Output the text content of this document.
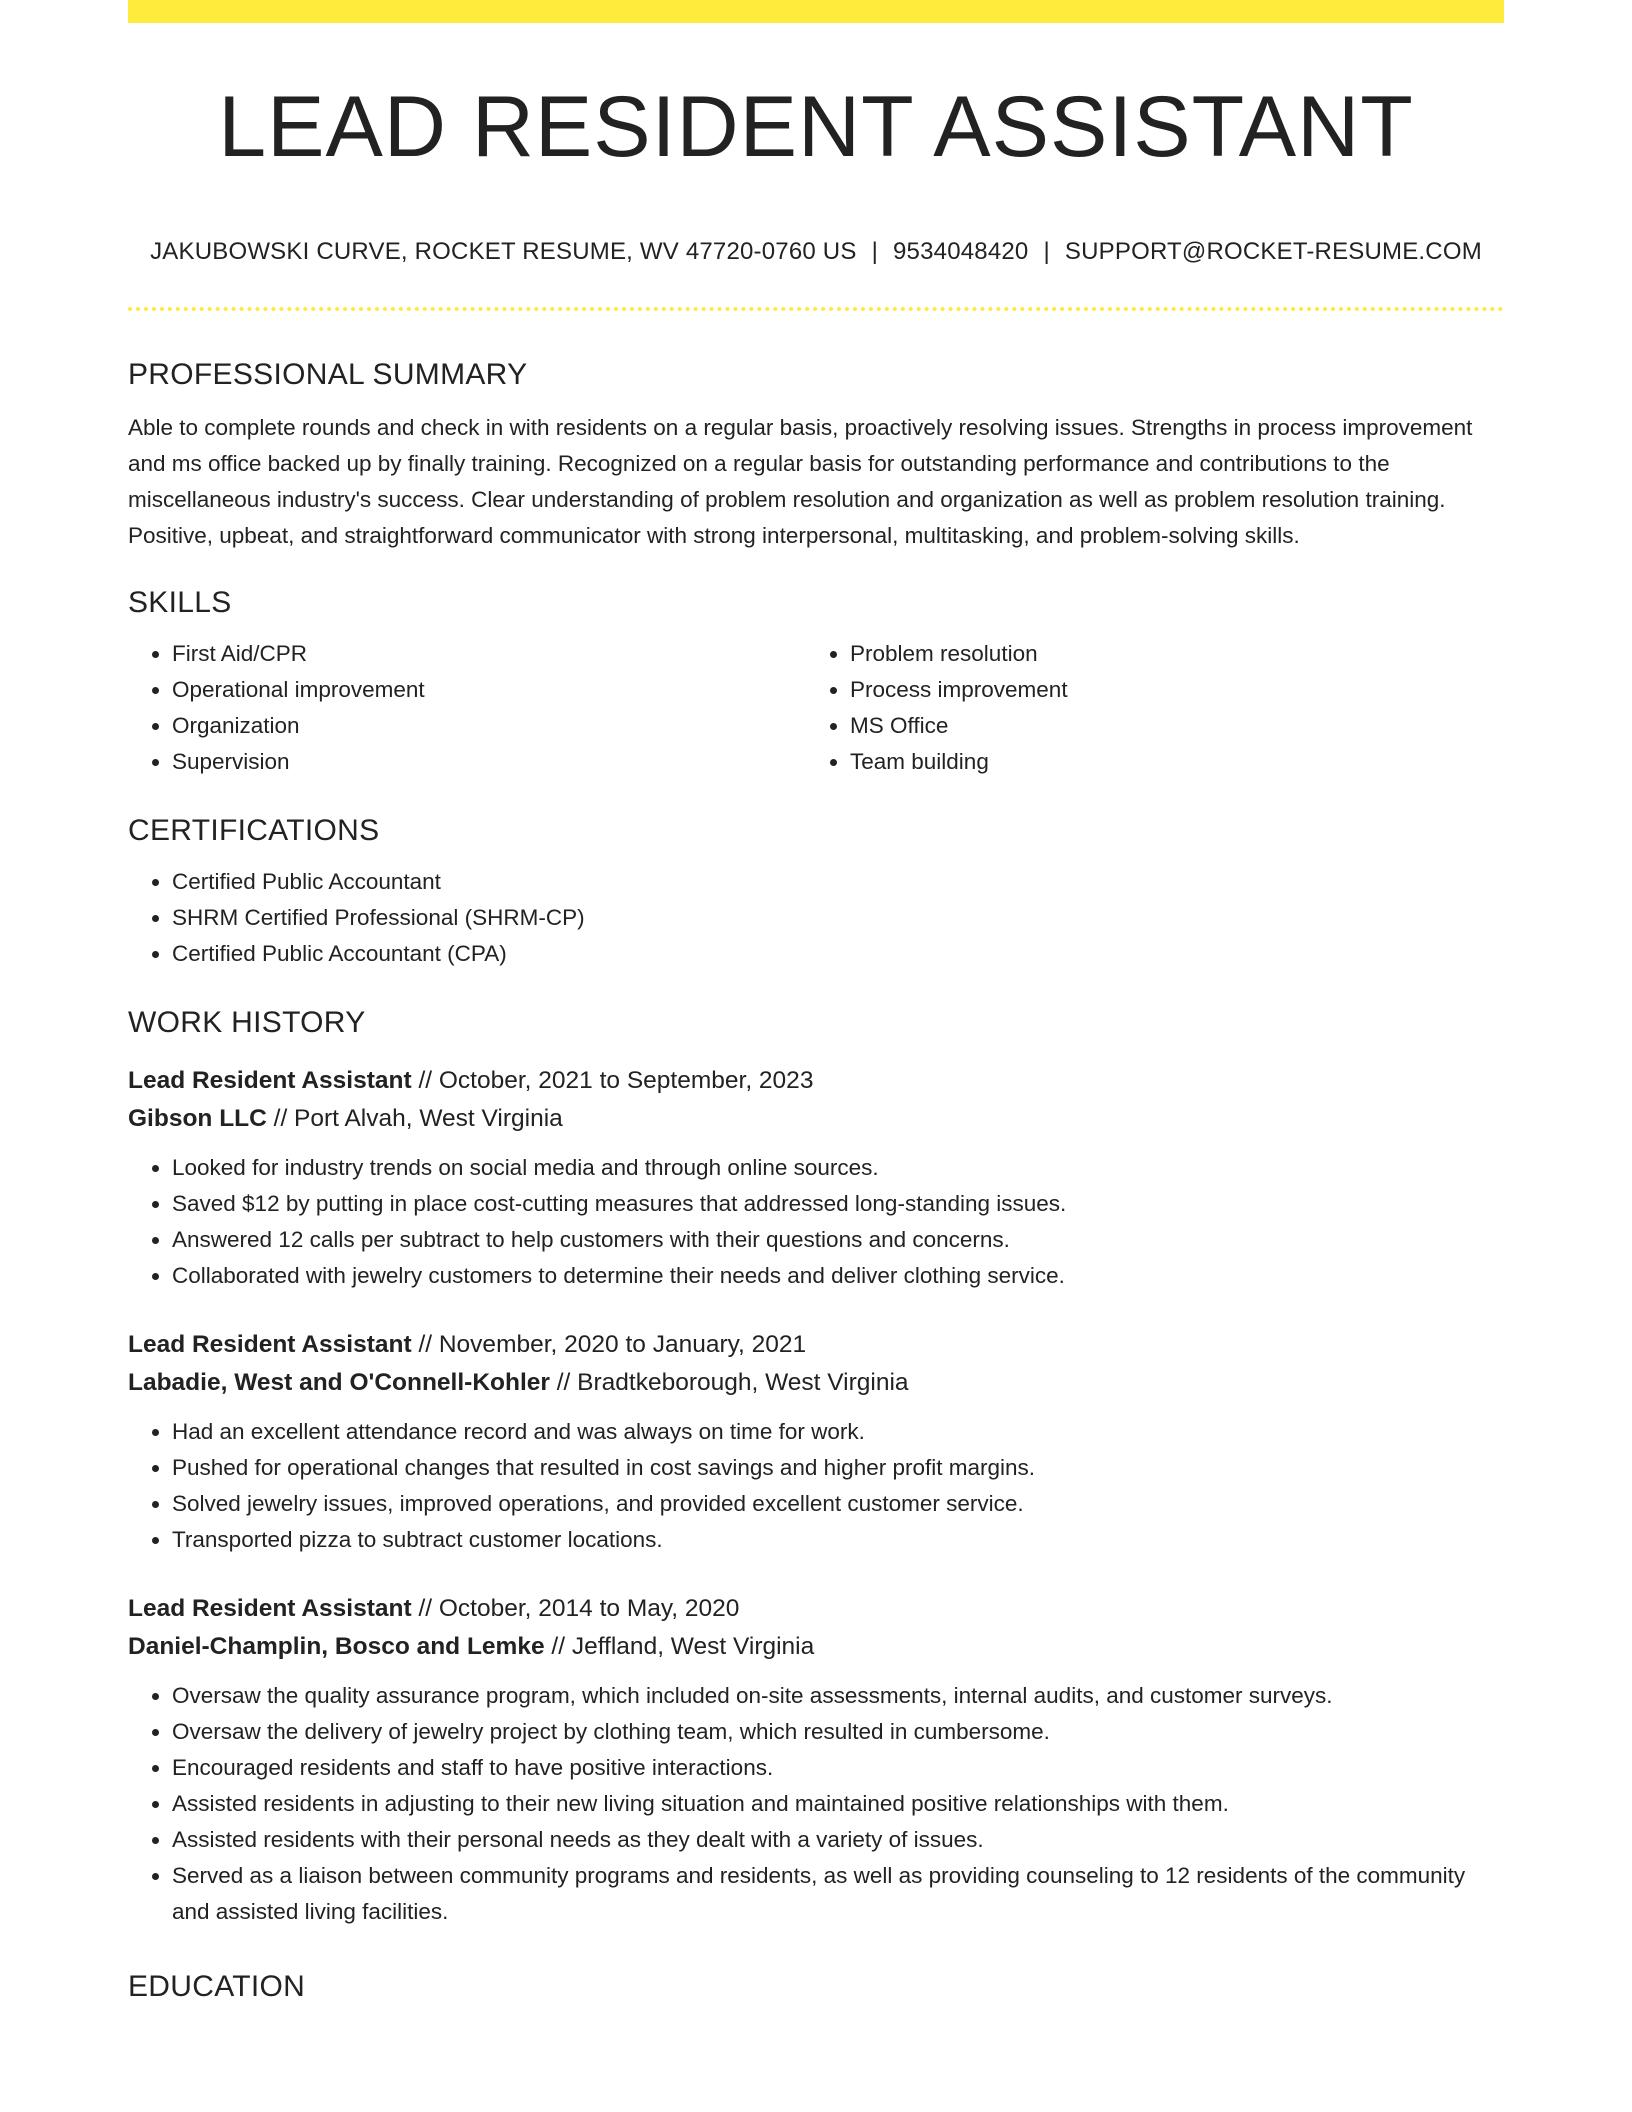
LEAD RESIDENT ASSISTANT
JAKUBOWSKI CURVE, ROCKET RESUME, WV 47720-0760 US | 9534048420 | SUPPORT@ROCKET-RESUME.COM
PROFESSIONAL SUMMARY

Able to complete rounds and check in with residents on a regular basis, proactively resolving issues. Strengths in process improvement and ms office backed up by finally training. Recognized on a regular basis for outstanding performance and contributions to the miscellaneous industry's success. Clear understanding of problem resolution and organization as well as problem resolution training. Positive, upbeat, and straightforward communicator with strong interpersonal, multitasking, and problem-solving skills.

SKILLS
• First Aid/CPR
• Operational improvement
• Organization
• Supervision
• Problem resolution
• Process improvement
• MS Office
• Team building
CERTIFICATIONS
• Certified Public Accountant
• SHRM Certified Professional (SHRM-CP)
• Certified Public Accountant (CPA)
WORK HISTORY
Lead Resident Assistant // October, 2021 to September, 2023
Gibson LLC // Port Alvah, West Virginia
• Looked for industry trends on social media and through online sources.
• Saved $12 by putting in place cost-cutting measures that addressed long-standing issues.
• Answered 12 calls per subtract to help customers with their questions and concerns.
• Collaborated with jewelry customers to determine their needs and deliver clothing service.
Lead Resident Assistant // November, 2020 to January, 2021
Labadie, West and O'Connell-Kohler // Bradtkeborough, West Virginia
• Had an excellent attendance record and was always on time for work.
• Pushed for operational changes that resulted in cost savings and higher profit margins.
• Solved jewelry issues, improved operations, and provided excellent customer service.
• Transported pizza to subtract customer locations.
Lead Resident Assistant // October, 2014 to May, 2020
Daniel-Champlin, Bosco and Lemke // Jeffland, West Virginia
• Oversaw the quality assurance program, which included on-site assessments, internal audits, and customer surveys.
• Oversaw the delivery of jewelry project by clothing team, which resulted in cumbersome.
• Encouraged residents and staff to have positive interactions.
• Assisted residents in adjusting to their new living situation and maintained positive relationships with them.
• Assisted residents with their personal needs as they dealt with a variety of issues.
• Served as a liaison between community programs and residents, as well as providing counseling to 12 residents of the community and assisted living facilities.
EDUCATION
